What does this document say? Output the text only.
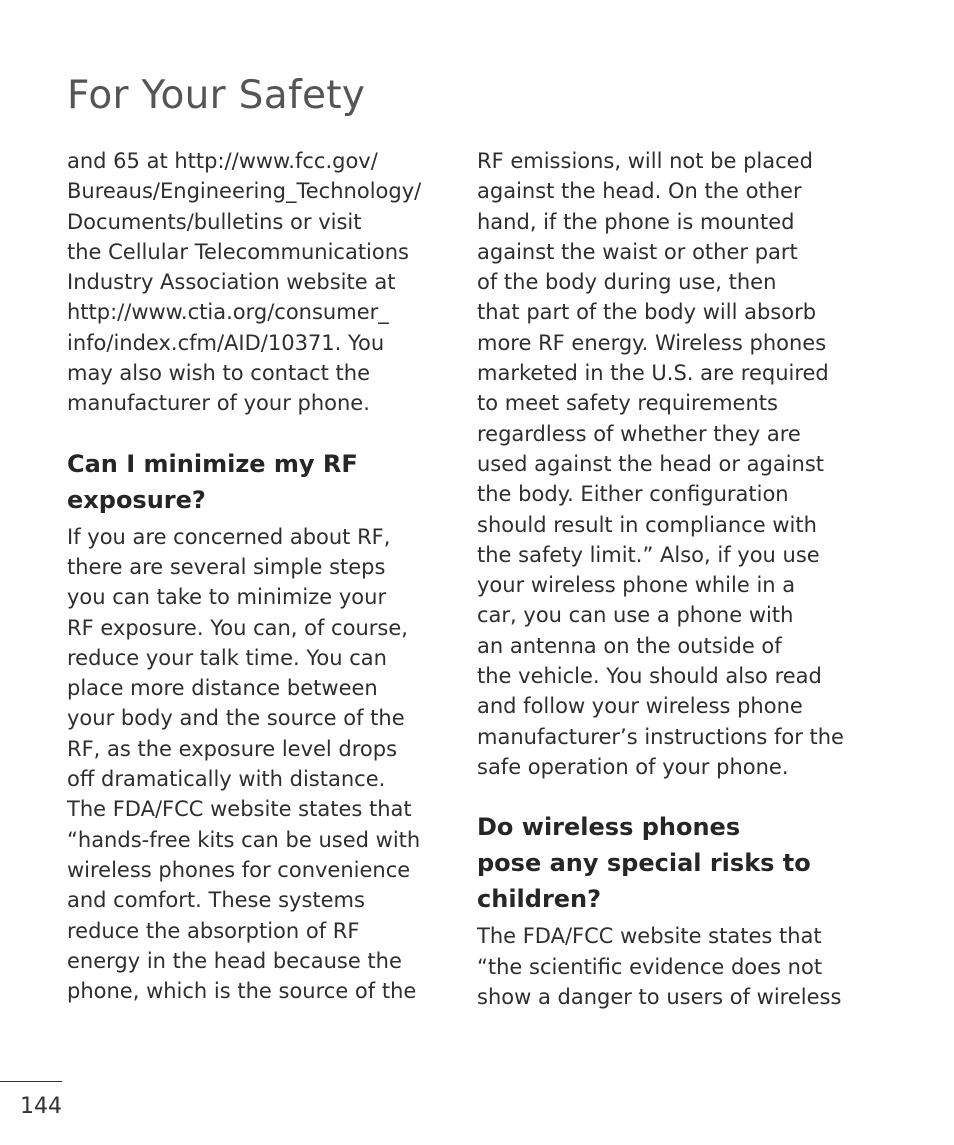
For Your Safety
and 65 at http://www.fcc.gov/
Bureaus/Engineering_Technology/
Documents/bulletins or visit
the Cellular Telecommunications
Industry Association website at
http://www.ctia.org/consumer_
info/index.cfm/AID/10371. You
may also wish to contact the
manufacturer of your phone.
Can I minimize my RF
exposure?
If you are concerned about RF,
there are several simple steps
you can take to minimize your
RF exposure. You can, of course,
reduce your talk time. You can
place more distance between
your body and the source of the
RF, as the exposure level drops
off dramatically with distance.
The FDA/FCC website states that
“hands-free kits can be used with
wireless phones for convenience
and comfort. These systems
reduce the absorption of RF
energy in the head because the
phone, which is the source of the
RF emissions, will not be placed
against the head. On the other
hand, if the phone is mounted
against the waist or other part
of the body during use, then
that part of the body will absorb
more RF energy. Wireless phones
marketed in the U.S. are required
to meet safety requirements
regardless of whether they are
used against the head or against
the body. Either configuration
should result in compliance with
the safety limit.” Also, if you use
your wireless phone while in a
car, you can use a phone with
an antenna on the outside of
the vehicle. You should also read
and follow your wireless phone
manufacturer’s instructions for the
safe operation of your phone.
Do wireless phones
pose any special risks to
children?
The FDA/FCC website states that
“the scientific evidence does not
show a danger to users of wireless
144
